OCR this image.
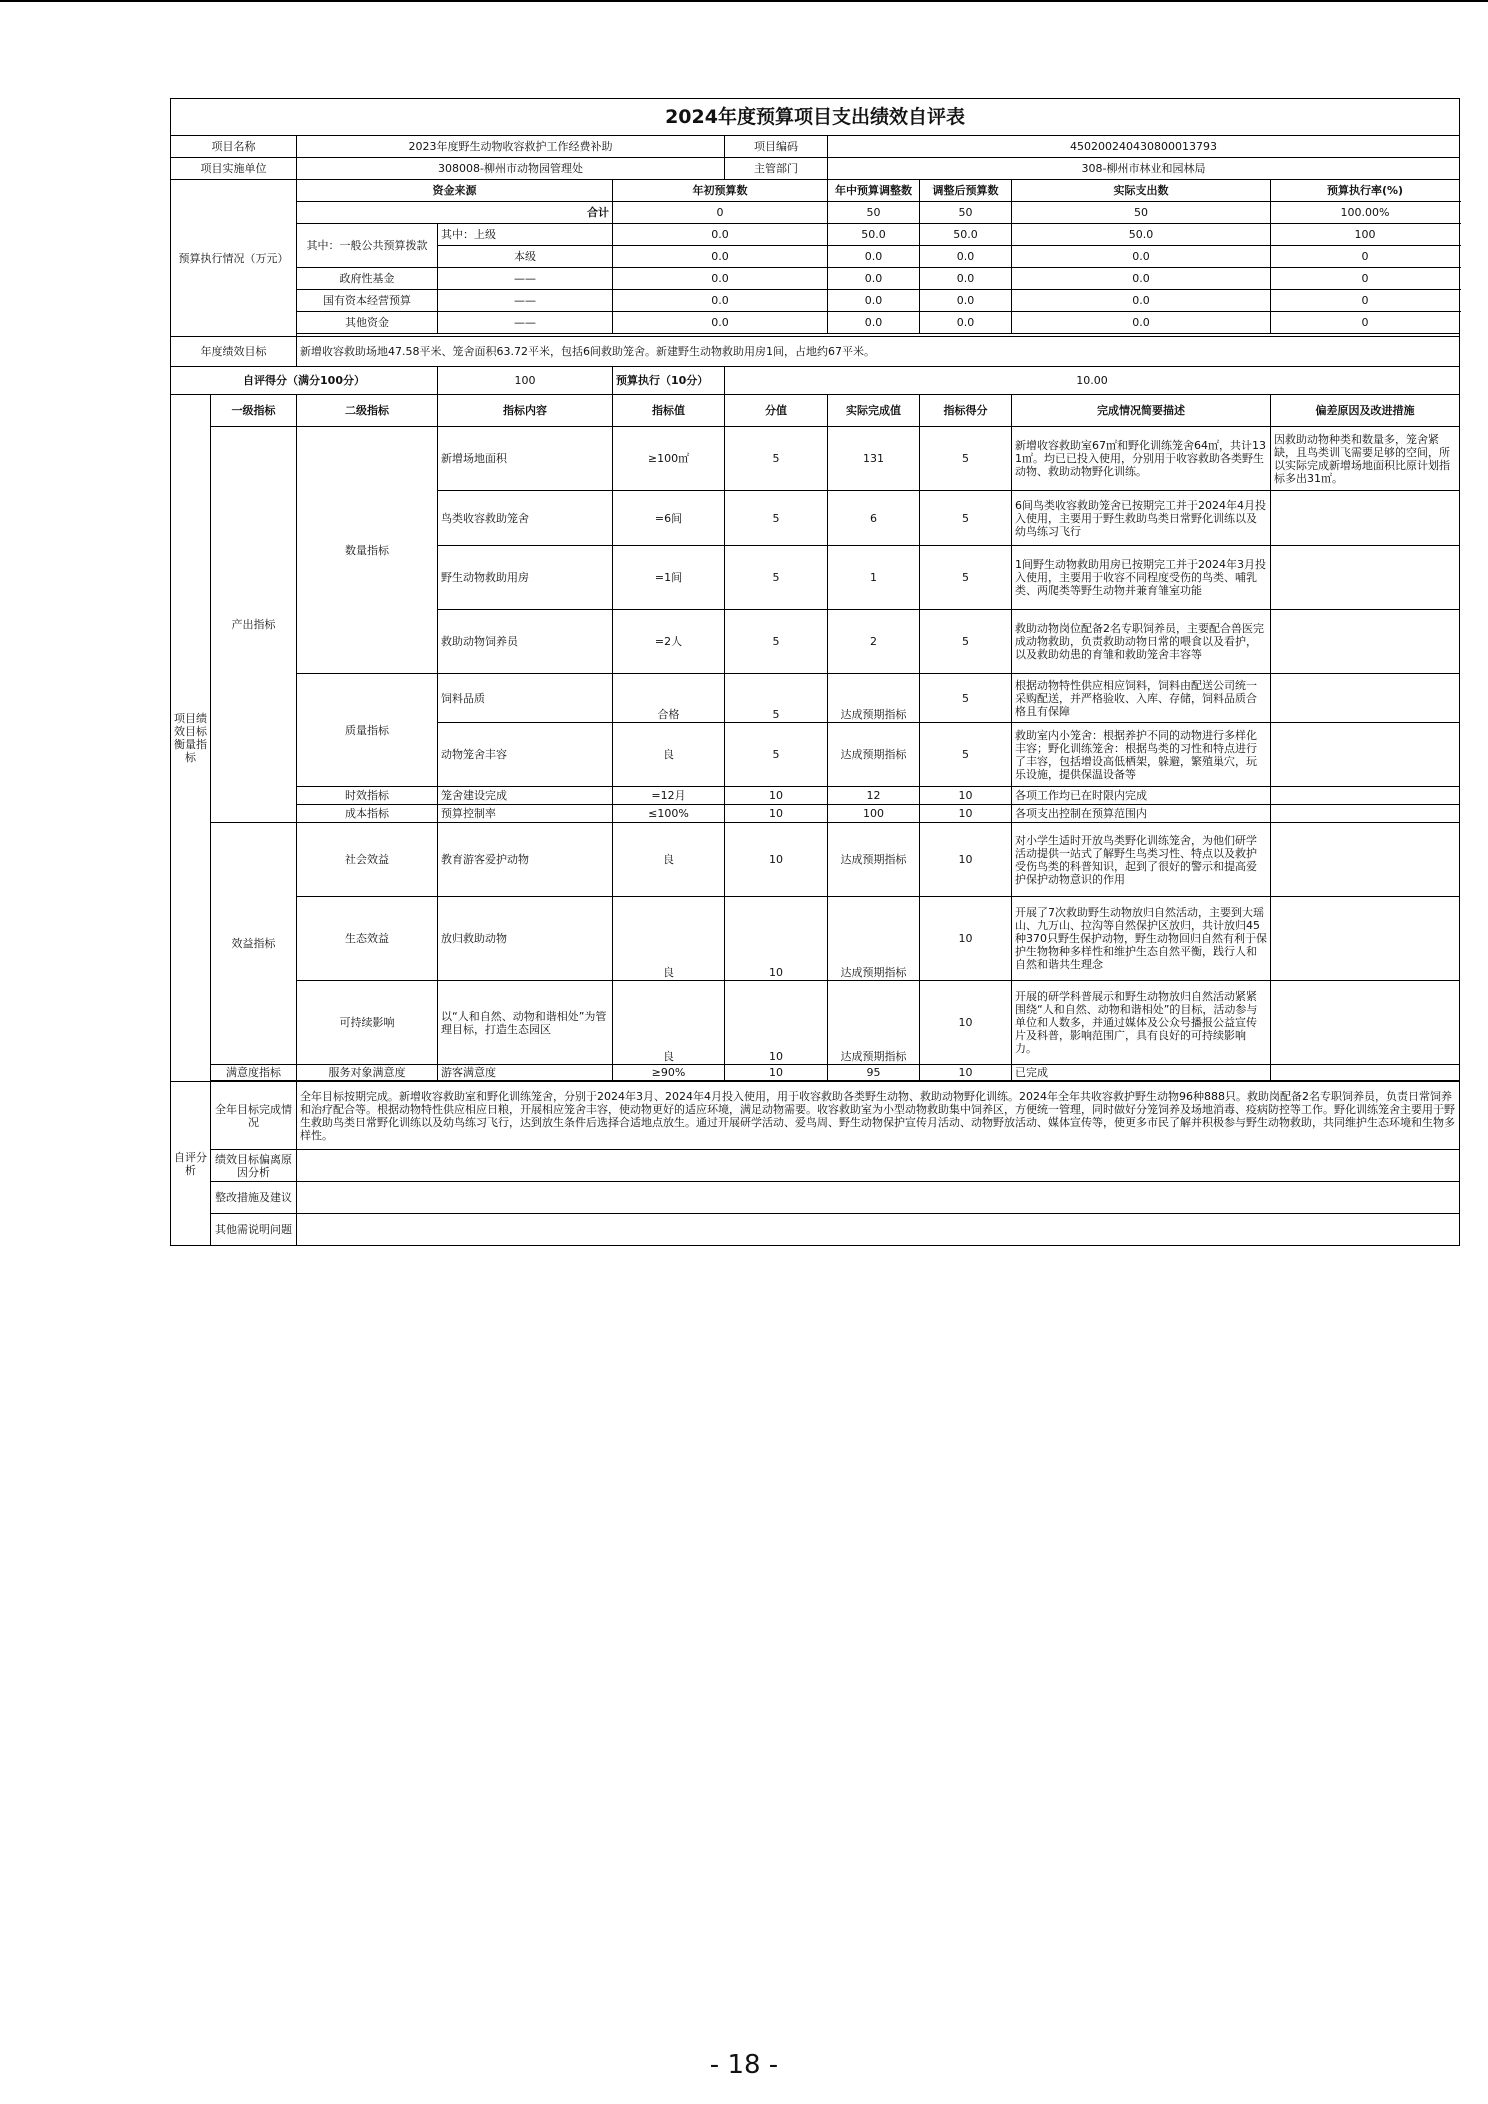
2024年度预算项目支出绩效自评表									
项目名称		2023年度野生动物收容救护工作经费补助			项目编码	450200240430800013793			
项目实施单位		308008-柳州市动物园管理处			主管部门	308-柳州市林业和园林局			
预算执行情况（万元）		资金来源		年初预算数		年中预算调整数	调整后预算数	实际支出数	预算执行率(%)
		合计		0		50	50	50	100.00%
		其中：一般公共预算拨款	其中：上级	0.0		50.0	50.0	50.0	100
			本级	0.0		0.0	0.0	0.0	0
		政府性基金	——	0.0		0.0	0.0	0.0	0
		国有资本经营预算	——	0.0		0.0	0.0	0.0	0
		其他资金	——	0.0		0.0	0.0	0.0	0

年度绩效目标		新增收容救助场地47.58平米、笼舍面积63.72平米，包括6间救助笼舍。新建野生动物救助用房1间，占地约67平米。							
自评得分（满分100分）			100	预算执行（10分）	10.00				
项目绩效目标衡量指标	一级指标	二级指标	指标内容	指标值	分值	实际完成值	指标得分	完成情况简要描述	偏差原因及改进措施
	产出指标	数量指标	新增场地面积	≥100㎡	5	131	5	新增收容救助室67㎡和野化训练笼舍64㎡，共计131㎡。均已已投入使用，分别用于收容救助各类野生动物、救助动物野化训练。	因救助动物种类和数量多，笼舍紧缺，且鸟类训飞需要足够的空间，所以实际完成新增场地面积比原计划指标多出31㎡。
			鸟类收容救助笼舍	=6间	5	6	5	6间鸟类收容救助笼舍已按期完工并于2024年4月投入使用，主要用于野生救助鸟类日常野化训练以及幼鸟练习飞行	
			野生动物救助用房	=1间	5	1	5	1间野生动物救助用房已按期完工并于2024年3月投入使用，主要用于收容不同程度受伤的鸟类、哺乳类、两爬类等野生动物并兼育雏室功能	
			救助动物饲养员	=2人	5	2	5	救助动物岗位配备2名专职饲养员，主要配合兽医完成动物救助，负责救助动物日常的喂食以及看护，以及救助幼患的育雏和救助笼舍丰容等	
		质量指标	饲料品质	合格	5	达成预期指标	5	根据动物特性供应相应饲料，饲料由配送公司统一采购配送，并严格验收、入库、存储，饲料品质合格且有保障	
			动物笼舍丰容	良	5	达成预期指标	5	救助室内小笼舍：根据养护不同的动物进行多样化丰容；野化训练笼舍：根据鸟类的习性和特点进行了丰容，包括增设高低栖架，躲避，繁殖巢穴，玩乐设施，提供保温设备等	
		时效指标	笼舍建设完成	=12月	10	12	10	各项工作均已在时限内完成	
		成本指标	预算控制率	≤100%	10	100	10	各项支出控制在预算范围内	
	效益指标	社会效益	教育游客爱护动物	良	10	达成预期指标	10	对小学生适时开放鸟类野化训练笼舍，为他们研学活动提供一站式了解野生鸟类习性、特点以及救护受伤鸟类的科普知识，起到了很好的警示和提高爱护保护动物意识的作用	
		生态效益	放归救助动物	良	10	达成预期指标	10	开展了7次救助野生动物放归自然活动，主要到大瑶山、九万山、拉沟等自然保护区放归，共计放归45种370只野生保护动物，野生动物回归自然有利于保护生物物种多样性和维护生态自然平衡，践行人和自然和谐共生理念	
		可持续影响	以“人和自然、动物和谐相处”为管理目标，打造生态园区	良	10	达成预期指标	10	开展的研学科普展示和野生动物放归自然活动紧紧围绕“人和自然、动物和谐相处”的目标，活动参与单位和人数多，并通过媒体及公众号播报公益宣传片及科普，影响范围广，具有良好的可持续影响力。	
	满意度指标	服务对象满意度	游客满意度	≥90%	10	95	10	已完成	

自评分析	全年目标完成情况	全年目标按期完成。新增收容救助室和野化训练笼舍，分别于2024年3月、2024年4月投入使用，用于收容救助各类野生动物、救助动物野化训练。2024年全年共收容救护野生动物96种888只。救助岗配备2名专职饲养员，负责日常饲养和治疗配合等。根据动物特性供应相应日粮，开展相应笼舍丰容，使动物更好的适应环境，满足动物需要。收容救助室为小型动物救助集中饲养区，方便统一管理，同时做好分笼饲养及场地消毒、疫病防控等工作。野化训练笼舍主要用于野生救助鸟类日常野化训练以及幼鸟练习飞行，达到放生条件后选择合适地点放生。通过开展研学活动、爱鸟周、野生动物保护宣传月活动、动物野放活动、媒体宣传等，使更多市民了解并积极参与野生动物救助，共同维护生态环境和生物多样性。							
	绩效目标偏离原因分析								
	整改措施及建议								
	其他需说明问题								
- 18 -
